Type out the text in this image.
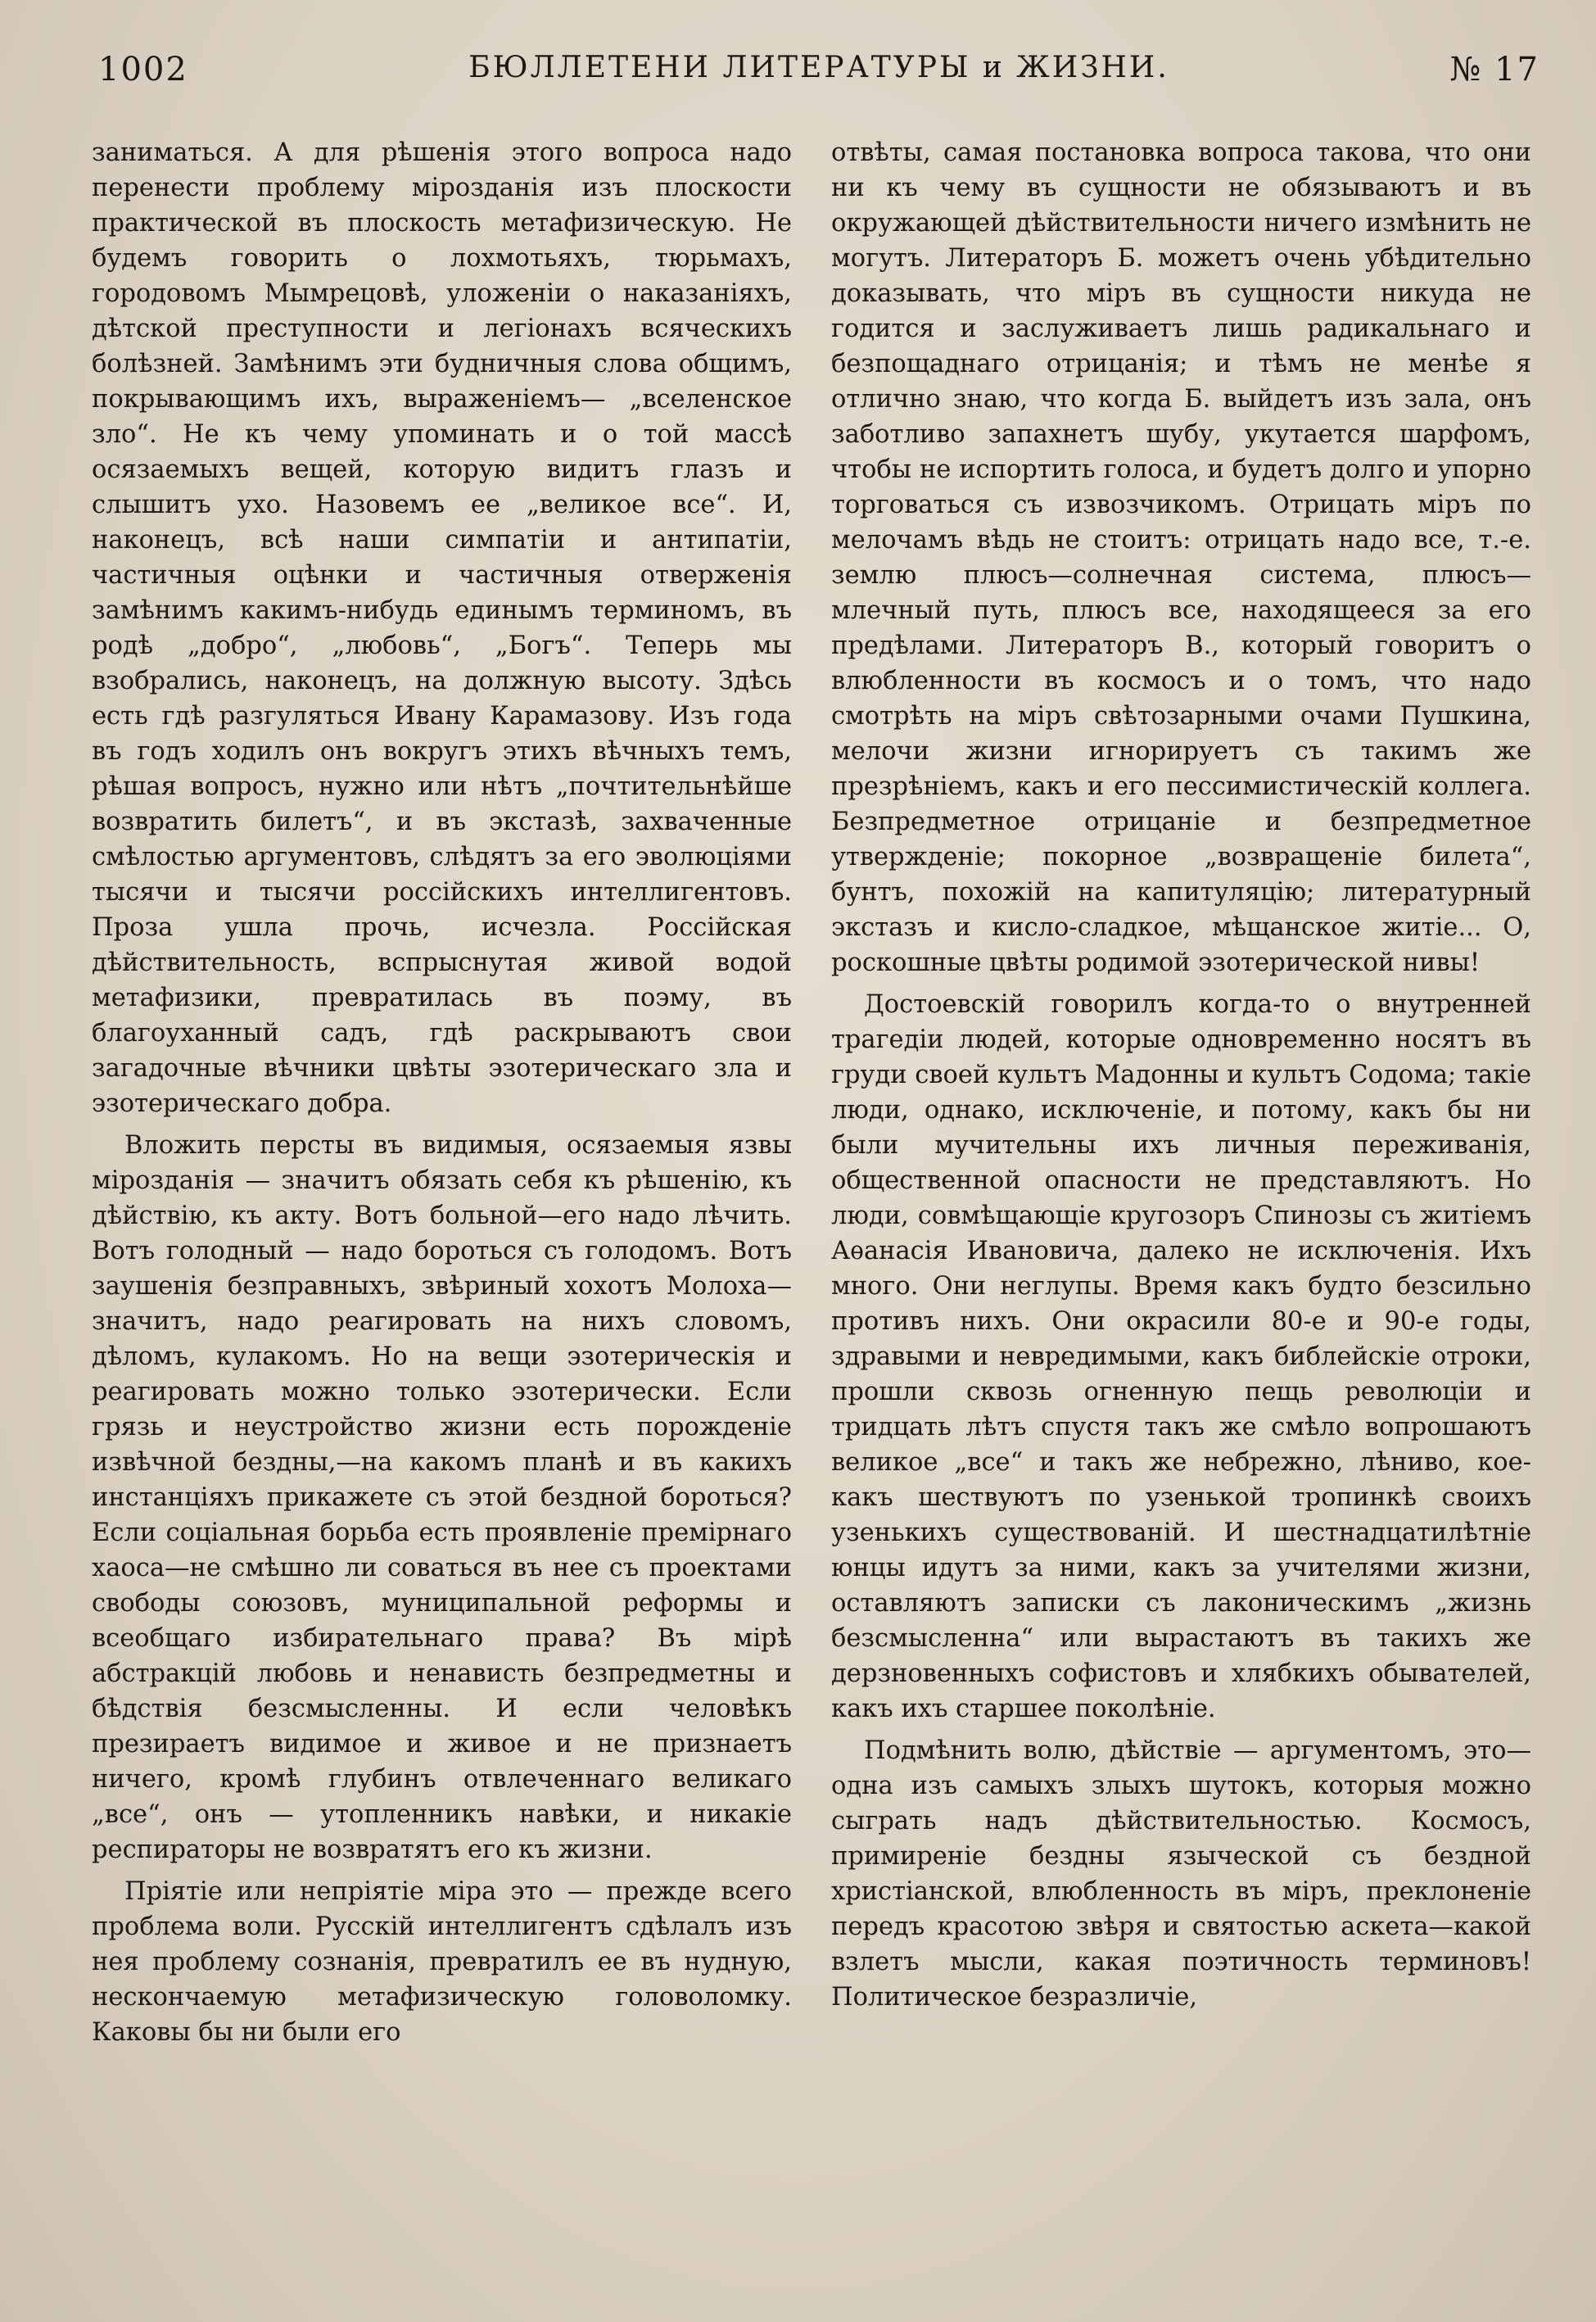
1002	БЮЛЛЕТЕНИ ЛИТЕРАТУРЫ и ЖИЗНИ.	№ 17

заниматься. А для рѣшенія этого вопроса надо перенести проблему мірозданія изъ плоскости практической въ плоскость метафизическую. Не будемъ говорить о лохмотьяхъ, тюрьмахъ, городовомъ Мымрецовѣ, уложеніи о наказаніяхъ, дѣтской преступности и легіонахъ всяческихъ болѣзней. Замѣнимъ эти будничныя слова общимъ, покрывающимъ ихъ, выраженіемъ— „вселенское зло“. Не къ чему упоминать и о той массѣ осязаемыхъ вещей, которую видитъ глазъ и слышитъ ухо. Назовемъ ее „великое все“. И, наконецъ, всѣ наши симпатіи и антипатіи, частичныя оцѣнки и частичныя отверженія замѣнимъ какимъ-нибудь единымъ терминомъ, въ родѣ „добро“, „любовь“, „Богъ“. Теперь мы взобрались, наконецъ, на должную высоту. Здѣсь есть гдѣ разгуляться Ивану Карамазову. Изъ года въ годъ ходилъ онъ вокругъ этихъ вѣчныхъ темъ, рѣшая вопросъ, нужно или нѣтъ „почтительнѣйше возвратить билетъ“, и въ экстазѣ, захваченные смѣлостью аргументовъ, слѣдятъ за его эволюціями тысячи и тысячи россійскихъ интеллигентовъ. Проза ушла прочь, исчезла. Россійская дѣйствительность, вспрыснутая живой водой метафизики, превратилась въ поэму, въ благоуханный садъ, гдѣ раскрываютъ свои загадочные вѣчники цвѣты эзотерическаго зла и эзотерическаго добра.

Вложить персты въ видимыя, осязаемыя язвы мірозданія — значитъ обязать себя къ рѣшенію, къ дѣйствію, къ акту. Вотъ больной—его надо лѣчить. Вотъ голодный — надо бороться съ голодомъ. Вотъ заушенія безправныхъ, звѣриный хохотъ Молоха—значитъ, надо реагировать на нихъ словомъ, дѣломъ, кулакомъ. Но на вещи эзотерическія и реагировать можно только эзотерически. Если грязь и неустройство жизни есть порожденіе извѣчной бездны,—на какомъ планѣ и въ какихъ инстанціяхъ прикажете съ этой бездной бороться? Если соціальная борьба есть проявленіе премірнаго хаоса—не смѣшно ли соваться въ нее съ проектами свободы союзовъ, муниципальной реформы и всеобщаго избирательнаго права? Въ мірѣ абстракцій любовь и ненависть безпредметны и бѣдствія безсмысленны. И если человѣкъ презираетъ видимое и живое и не признаетъ ничего, кромѣ глубинъ отвлеченнаго великаго „все“, онъ — утопленникъ навѣки, и никакіе респираторы не возвратятъ его къ жизни.

Пріятіе или непріятіе міра это — прежде всего проблема воли. Русскій интеллигентъ сдѣлалъ изъ нея проблему сознанія, превратилъ ее въ нудную, нескончаемую метафизическую головоломку. Каковы бы ни были его

отвѣты, самая постановка вопроса такова, что они ни къ чему въ сущности не обязываютъ и въ окружающей дѣйствительности ничего измѣнить не могутъ. Литераторъ Б. можетъ очень убѣдительно доказывать, что міръ въ сущности никуда не годится и заслуживаетъ лишь радикальнаго и безпощаднаго отрицанія; и тѣмъ не менѣе я отлично знаю, что когда Б. выйдетъ изъ зала, онъ заботливо запахнетъ шубу, укутается шарфомъ, чтобы не испортить голоса, и будетъ долго и упорно торговаться съ извозчикомъ. Отрицать міръ по мелочамъ вѣдь не стоитъ: отрицать надо все, т.-е. землю плюсъ—солнечная система, плюсъ—млечный путь, плюсъ все, находящееся за его предѣлами. Литераторъ В., который говоритъ о влюбленности въ космосъ и о томъ, что надо смотрѣть на міръ свѣтозарными очами Пушкина, мелочи жизни игнорируетъ съ такимъ же презрѣніемъ, какъ и его пессимистическій коллега. Безпредметное отрицаніе и безпредметное утвержденіе; покорное „возвращеніе билета“, бунтъ, похожій на капитуляцію; литературный экстазъ и кисло-сладкое, мѣщанское житіе... О, роскошные цвѣты родимой эзотерической нивы!

Достоевскій говорилъ когда-то о внутренней трагедіи людей, которые одновременно носятъ въ груди своей культъ Мадонны и культъ Содома; такіе люди, однако, исключеніе, и потому, какъ бы ни были мучительны ихъ личныя переживанія, общественной опасности не представляютъ. Но люди, совмѣщающіе кругозоръ Спинозы съ житіемъ Аѳанасія Ивановича, далеко не исключенія. Ихъ много. Они неглупы. Время какъ будто безсильно противъ нихъ. Они окрасили 80-е и 90-е годы, здравыми и невредимыми, какъ библейскіе отроки, прошли сквозь огненную пещь революціи и тридцать лѣтъ спустя такъ же смѣло вопрошаютъ великое „все“ и такъ же небрежно, лѣниво, кое-какъ шествуютъ по узенькой тропинкѣ своихъ узенькихъ существованій. И шестнадцатилѣтніе юнцы идутъ за ними, какъ за учителями жизни, оставляютъ записки съ лаконическимъ „жизнь безсмысленна“ или вырастаютъ въ такихъ же дерзновенныхъ софистовъ и хлябкихъ обывателей, какъ ихъ старшее поколѣніе.

Подмѣнить волю, дѣйствіе — аргументомъ, это—одна изъ самыхъ злыхъ шутокъ, которыя можно сыграть надъ дѣйствительностью. Космосъ, примиреніе бездны языческой съ бездной христіанской, влюбленность въ міръ, преклоненіе передъ красотою звѣря и святостью аскета—какой взлетъ мысли, какая поэтичность терминовъ! Политическое безразличіе,
